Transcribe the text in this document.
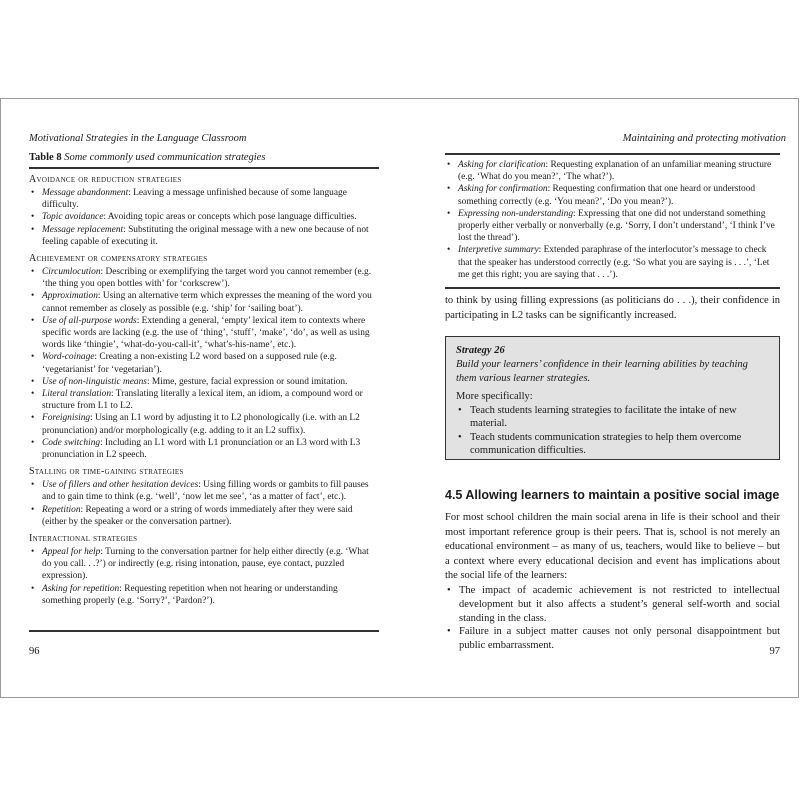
Motivational Strategies in the Language Classroom
Table 8 Some commonly used communication strategies
Avoidance or reduction strategies
• Message abandonment: Leaving a message unfinished because of some language difficulty.
• Topic avoidance: Avoiding topic areas or concepts which pose language difficulties.
• Message replacement: Substituting the original message with a new one because of not feeling capable of executing it.
Achievement or compensatory strategies
• Circumlocution: Describing or exemplifying the target word you cannot remember (e.g. ‘the thing you open bottles with’ for ‘corkscrew’).
• Approximation: Using an alternative term which expresses the meaning of the word you cannot remember as closely as possible (e.g. ‘ship’ for ‘sailing boat’).
• Use of all-purpose words: Extending a general, ‘empty’ lexical item to contexts where specific words are lacking (e.g. the use of ‘thing’, ‘stuff’, ‘make’, ‘do’, as well as using words like ‘thingie’, ‘what-do-you-call-it’, ‘what’s-his-name’, etc.).
• Word-coinage: Creating a non-existing L2 word based on a supposed rule (e.g. ‘vegetarianist’ for ‘vegetarian’).
• Use of non-linguistic means: Mime, gesture, facial expression or sound imitation.
• Literal translation: Translating literally a lexical item, an idiom, a compound word or structure from L1 to L2.
• Foreignising: Using an L1 word by adjusting it to L2 phonologically (i.e. with an L2 pronunciation) and/or morphologically (e.g. adding to it an L2 suffix).
• Code switching: Including an L1 word with L1 pronunciation or an L3 word with L3 pronunciation in L2 speech.
Stalling or time-gaining strategies
• Use of fillers and other hesitation devices: Using filling words or gambits to fill pauses and to gain time to think (e.g. ‘well’, ‘now let me see’, ‘as a matter of fact’, etc.).
• Repetition: Repeating a word or a string of words immediately after they were said (either by the speaker or the conversation partner).
Interactional strategies
• Appeal for help: Turning to the conversation partner for help either directly (e.g. ‘What do you call. . .?’) or indirectly (e.g. rising intonation, pause, eye contact, puzzled expression).
• Asking for repetition: Requesting repetition when not hearing or understanding something properly (e.g. ‘Sorry?’, ‘Pardon?’).
96
Maintaining and protecting motivation
• Asking for clarification: Requesting explanation of an unfamiliar meaning structure (e.g. ‘What do you mean?’, ‘The what?’).
• Asking for confirmation: Requesting confirmation that one heard or understood something correctly (e.g. ‘You mean?’, ‘Do you mean?’).
• Expressing non-understanding: Expressing that one did not understand something properly either verbally or nonverbally (e.g. ‘Sorry, I don’t understand’, ‘I think I’ve lost the thread’).
• Interpretive summary: Extended paraphrase of the interlocutor’s message to check that the speaker has understood correctly (e.g. ‘So what you are saying is . . .’, ‘Let me get this right; you are saying that . . .’).
to think by using filling expressions (as politicians do . . .), their confidence in participating in L2 tasks can be significantly increased.
Strategy 26
Build your learners’ confidence in their learning abilities by teaching them various learner strategies.
More specifically:
• Teach students learning strategies to facilitate the intake of new material.
• Teach students communication strategies to help them overcome communication difficulties.
4.5 Allowing learners to maintain a positive social image
For most school children the main social arena in life is their school and their most important reference group is their peers. That is, school is not merely an educational environment – as many of us, teachers, would like to believe – but a context where every educational decision and event has implications about the social life of the learners:
• The impact of academic achievement is not restricted to intellectual development but it also affects a student’s general self-worth and social standing in the class.
• Failure in a subject matter causes not only personal disappointment but public embarrassment.
97
